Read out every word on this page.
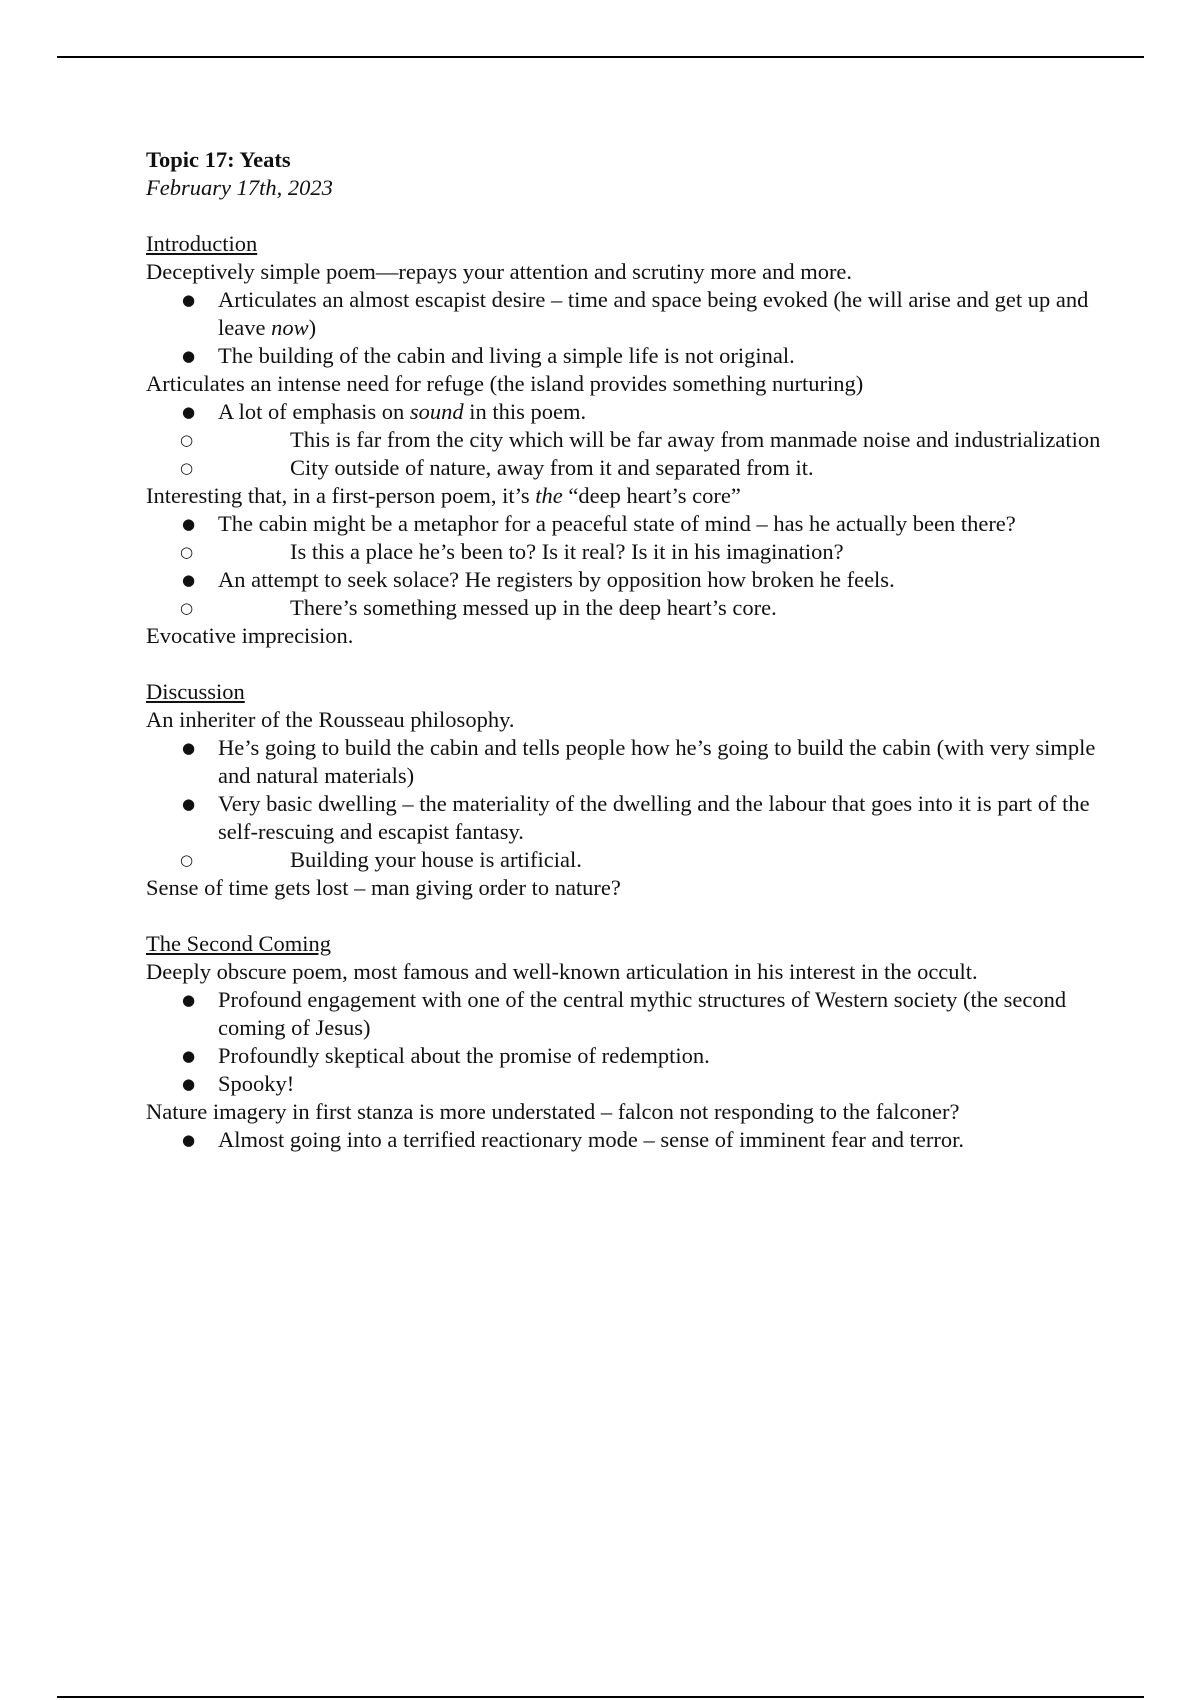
Topic 17: Yeats
February 17th, 2023
Introduction
Deceptively simple poem—repays your attention and scrutiny more and more.
● Articulates an almost escapist desire – time and space being evoked (he will arise and get up and leave now)
● The building of the cabin and living a simple life is not original.
Articulates an intense need for refuge (the island provides something nurturing)
● A lot of emphasis on sound in this poem.
○ This is far from the city which will be far away from manmade noise and industrialization
○ City outside of nature, away from it and separated from it.
Interesting that, in a first-person poem, it’s the “deep heart’s core”
● The cabin might be a metaphor for a peaceful state of mind – has he actually been there?
○ Is this a place he’s been to? Is it real? Is it in his imagination?
● An attempt to seek solace? He registers by opposition how broken he feels.
○ There’s something messed up in the deep heart’s core.
Evocative imprecision.
Discussion
An inheriter of the Rousseau philosophy.
● He’s going to build the cabin and tells people how he’s going to build the cabin (with very simple and natural materials)
● Very basic dwelling – the materiality of the dwelling and the labour that goes into it is part of the self-rescuing and escapist fantasy.
○ Building your house is artificial.
Sense of time gets lost – man giving order to nature?
The Second Coming
Deeply obscure poem, most famous and well-known articulation in his interest in the occult.
● Profound engagement with one of the central mythic structures of Western society (the second coming of Jesus)
● Profoundly skeptical about the promise of redemption.
● Spooky!
Nature imagery in first stanza is more understated – falcon not responding to the falconer?
● Almost going into a terrified reactionary mode – sense of imminent fear and terror.
